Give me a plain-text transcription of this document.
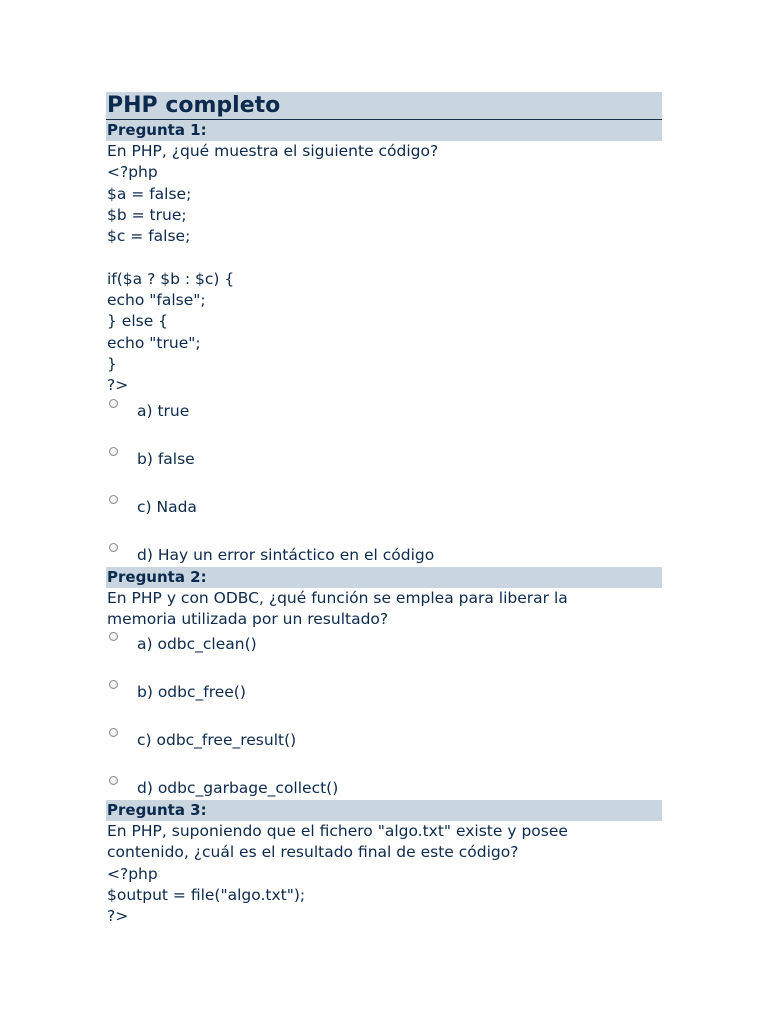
PHP completo
Pregunta 1:
En PHP, ¿qué muestra el siguiente código?
<?php
$a = false;
$b = true;
$c = false;

if($a ? $b : $c) {
echo "false";
} else {
echo "true";
}
?>
a) true
b) false
c) Nada
d) Hay un error sintáctico en el código
Pregunta 2:
En PHP y con ODBC, ¿qué función se emplea para liberar la
memoria utilizada por un resultado?
a) odbc_clean()
b) odbc_free()
c) odbc_free_result()
d) odbc_garbage_collect()
Pregunta 3:
En PHP, suponiendo que el fichero "algo.txt" existe y posee
contenido, ¿cuál es el resultado final de este código?
<?php
$output = file("algo.txt");
?>
